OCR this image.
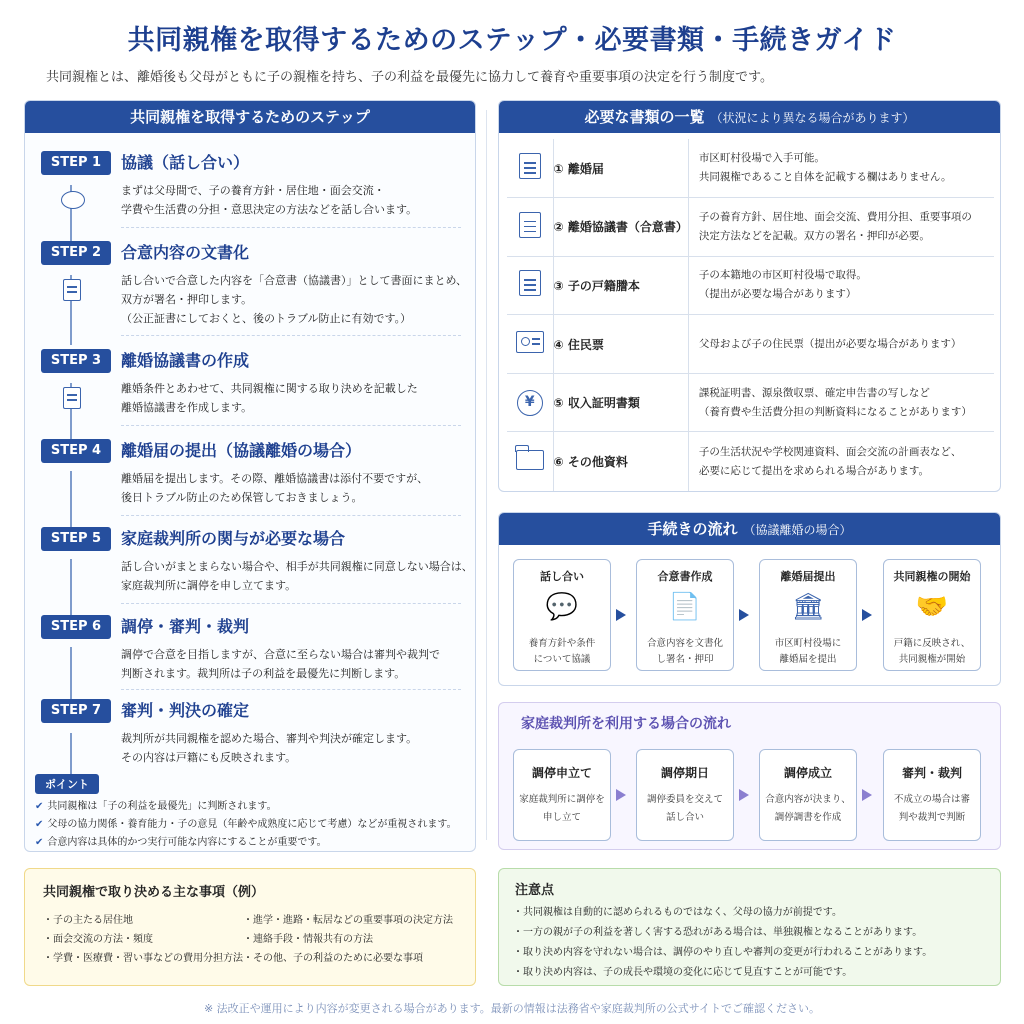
共同親権を取得するためのステップ・必要書類・手続きガイド
共同親権とは、離婚後も父母がともに子の親権を持ち、子の利益を最優先に協力して養育や重要事項の決定を行う制度です。
共同親権を取得するためのステップ
STEP 1	協議（話し合い）
まずは父母間で、子の養育方針・居住地・面会交流・
学費や生活費の分担・意思決定の方法などを話し合います。
STEP 2	合意内容の文書化
話し合いで合意した内容を「合意書（協議書）」として書面にまとめ、
双方が署名・押印します。
（公正証書にしておくと、後のトラブル防止に有効です。）
STEP 3	離婚協議書の作成
離婚条件とあわせて、共同親権に関する取り決めを記載した
離婚協議書を作成します。
STEP 4	離婚届の提出（協議離婚の場合）
離婚届を提出します。その際、離婚協議書は添付不要ですが、
後日トラブル防止のため保管しておきましょう。
STEP 5	家庭裁判所の関与が必要な場合
話し合いがまとまらない場合や、相手が共同親権に同意しない場合は、
家庭裁判所に調停を申し立てます。
STEP 6	調停・審判・裁判
調停で合意を目指しますが、合意に至らない場合は審判や裁判で
判断されます。裁判所は子の利益を最優先に判断します。
STEP 7	審判・判決の確定
裁判所が共同親権を認めた場合、審判や判決が確定します。
その内容は戸籍にも反映されます。
ポイント
✔ 共同親権は「子の利益を最優先」に判断されます。
✔ 父母の協力関係・養育能力・子の意見（年齢や成熟度に応じて考慮）などが重視されます。
✔ 合意内容は具体的かつ実行可能な内容にすることが重要です。
必要な書類の一覧 （状況により異なる場合があります）
	① 離婚届	市区町村役場で入手可能。
共同親権であること自体を記載する欄はありません。

	② 離婚協議書（合意書）	子の養育方針、居住地、面会交流、費用分担、重要事項の
決定方法などを記載。双方の署名・押印が必要。

	③ 子の戸籍謄本	子の本籍地の市区町村役場で取得。
（提出が必要な場合があります）

	④ 住民票	父母および子の住民票（提出が必要な場合があります）

¥	⑤ 収入証明書類	課税証明書、源泉徴収票、確定申告書の写しなど
（養育費や生活費分担の判断資料になることがあります）

	⑥ その他資料	子の生活状況や学校関連資料、面会交流の計画表など、
必要に応じて提出を求められる場合があります。
手続きの流れ （協議離婚の場合）
話し合い
💬
養育方針や条件
について協議
合意書作成
📄
合意内容を文書化
し署名・押印
離婚届提出
🏛
市区町村役場に
離婚届を提出
共同親権の開始
🤝
戸籍に反映され、
共同親権が開始
家庭裁判所を利用する場合の流れ
調停申立て
家庭裁判所に調停を
申し立て
調停期日
調停委員を交えて
話し合い
調停成立
合意内容が決まり、
調停調書を作成
審判・裁判
不成立の場合は審
判や裁判で判断
共同親権で取り決める主な事項（例）
・子の主たる居住地
・面会交流の方法・頻度
・学費・医療費・習い事などの費用分担方法
・進学・進路・転居などの重要事項の決定方法
・連絡手段・情報共有の方法
・その他、子の利益のために必要な事項
注意点
・共同親権は自動的に認められるものではなく、父母の協力が前提です。
・一方の親が子の利益を著しく害する恐れがある場合は、単独親権となることがあります。
・取り決め内容を守れない場合は、調停のやり直しや審判の変更が行われることがあります。
・取り決め内容は、子の成長や環境の変化に応じて見直すことが可能です。
※ 法改正や運用により内容が変更される場合があります。最新の情報は法務省や家庭裁判所の公式サイトでご確認ください。
